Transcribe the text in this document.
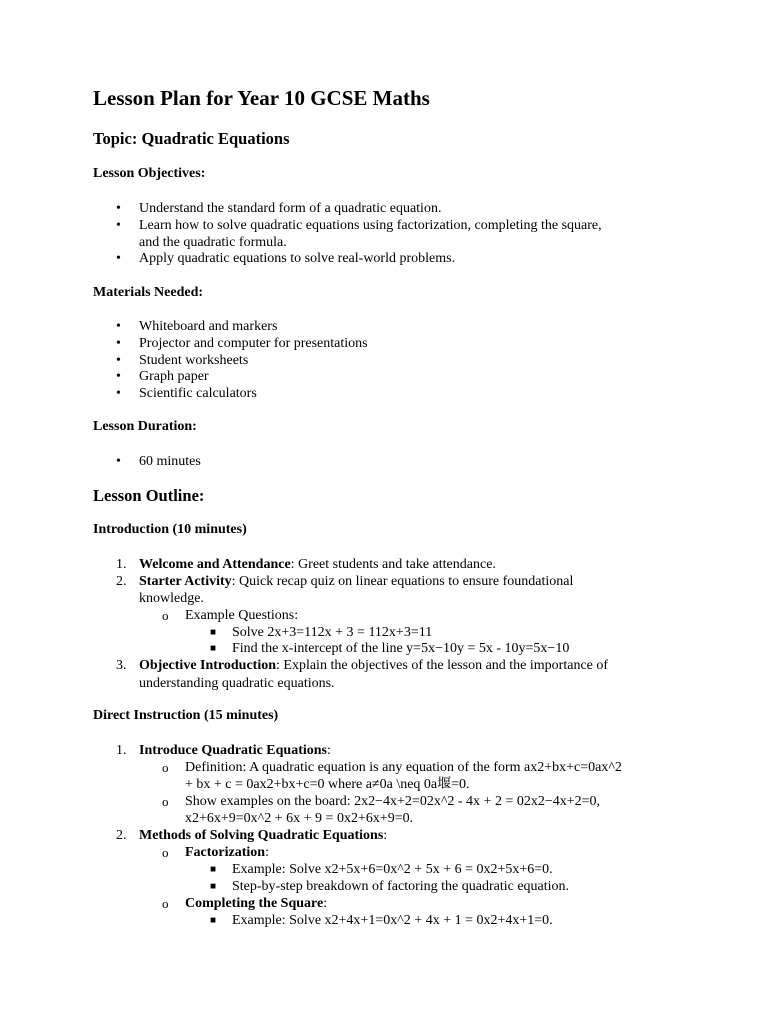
Lesson Plan for Year 10 GCSE Maths
Topic: Quadratic Equations
Lesson Objectives:
• Understand the standard form of a quadratic equation.
• Learn how to solve quadratic equations using factorization, completing the square,
and the quadratic formula.
• Apply quadratic equations to solve real-world problems.
Materials Needed:
• Whiteboard and markers
• Projector and computer for presentations
• Student worksheets
• Graph paper
• Scientific calculators
Lesson Duration:
• 60 minutes
Lesson Outline:
Introduction (10 minutes)
1. Welcome and Attendance: Greet students and take attendance.
2. Starter Activity: Quick recap quiz on linear equations to ensure foundational
knowledge.
o Example Questions:
■ Solve 2x+3=112x + 3 = 112x+3=11
■ Find the x-intercept of the line y=5x−10y = 5x - 10y=5x−10
3. Objective Introduction: Explain the objectives of the lesson and the importance of
understanding quadratic equations.
Direct Instruction (15 minutes)
1. Introduce Quadratic Equations:
o Definition: A quadratic equation is any equation of the form ax2+bx+c=0ax^2
+ bx + c = 0ax2+bx+c=0 where a≠0a \neq 0a堰=0.
o Show examples on the board: 2x2−4x+2=02x^2 - 4x + 2 = 02x2−4x+2=0,
x2+6x+9=0x^2 + 6x + 9 = 0x2+6x+9=0.
2. Methods of Solving Quadratic Equations:
o Factorization:
■ Example: Solve x2+5x+6=0x^2 + 5x + 6 = 0x2+5x+6=0.
■ Step-by-step breakdown of factoring the quadratic equation.
o Completing the Square:
■ Example: Solve x2+4x+1=0x^2 + 4x + 1 = 0x2+4x+1=0.
